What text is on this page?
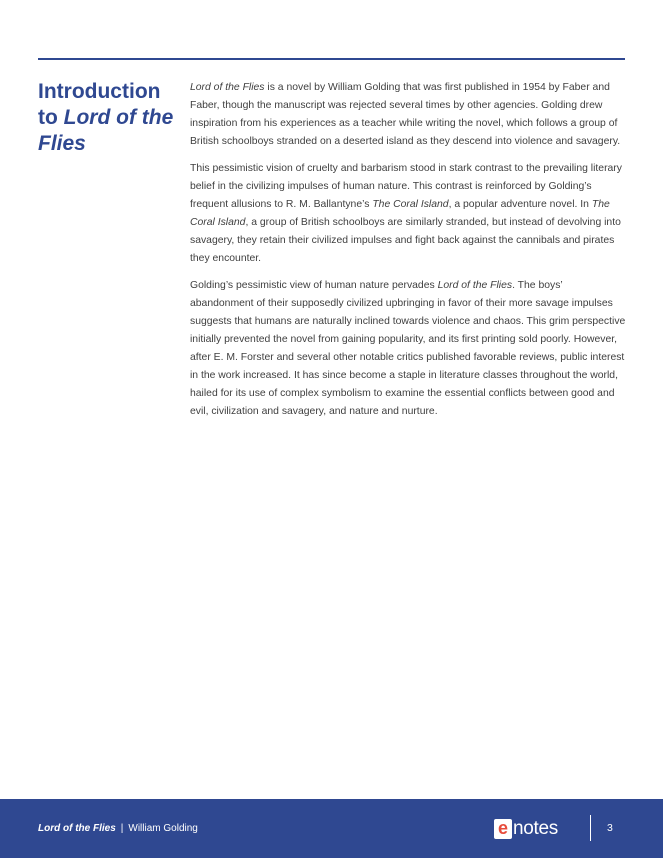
Introduction
to Lord of the
Flies

Lord of the Flies is a novel by William Golding that was first published in 1954 by Faber and Faber, though the manuscript was rejected several times by other agencies. Golding drew inspiration from his experiences as a teacher while writing the novel, which follows a group of British schoolboys stranded on a deserted island as they descend into violence and savagery.

This pessimistic vision of cruelty and barbarism stood in stark contrast to the prevailing literary belief in the civilizing impulses of human nature. This contrast is reinforced by Golding’s frequent allusions to R. M. Ballantyne’s The Coral Island, a popular adventure novel. In The Coral Island, a group of British schoolboys are similarly stranded, but instead of devolving into savagery, they retain their civilized impulses and fight back against the cannibals and pirates they encounter.

Golding’s pessimistic view of human nature pervades Lord of the Flies. The boys’ abandonment of their supposedly civilized upbringing in favor of their more savage impulses suggests that humans are naturally inclined towards violence and chaos. This grim perspective initially prevented the novel from gaining popularity, and its first printing sold poorly. However, after E. M. Forster and several other notable critics published favorable reviews, public interest in the work increased. It has since become a staple in literature classes throughout the world, hailed for its use of complex symbolism to examine the essential conflicts between good and evil, civilization and savagery, and nature and nurture.

Lord of the Flies | William Golding	e notes	3
